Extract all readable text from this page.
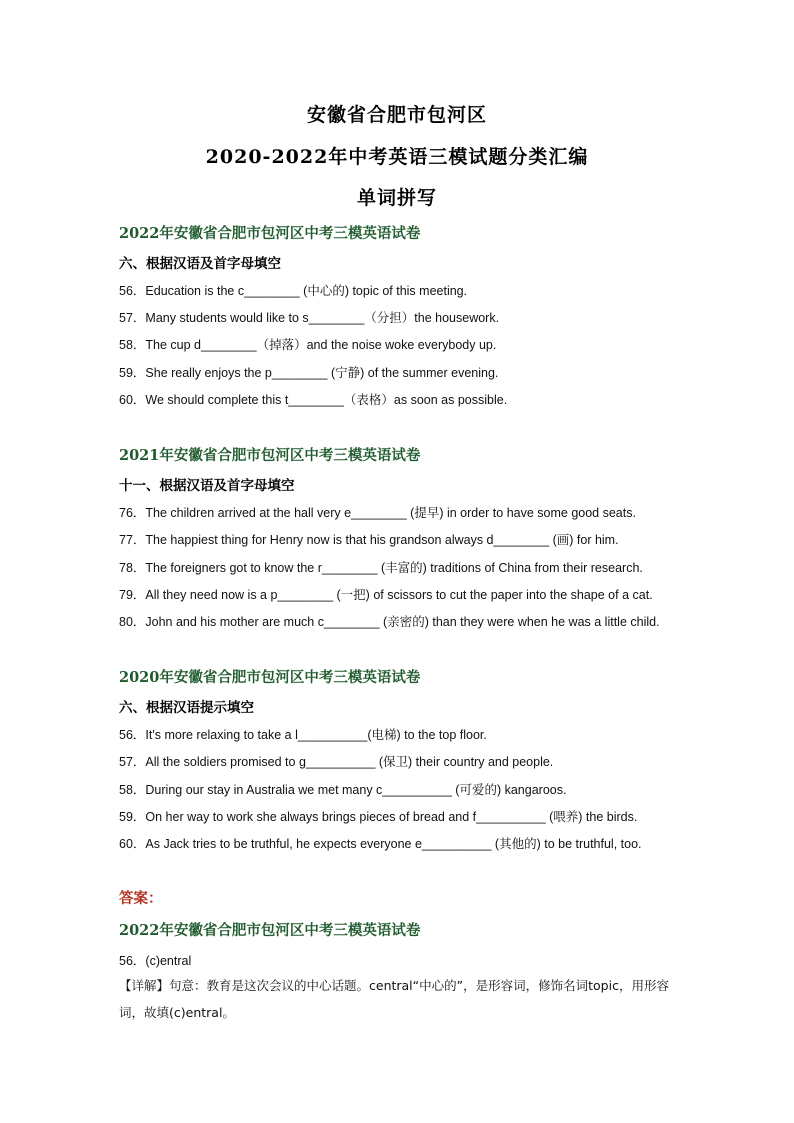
安徽省合肥市包河区
2020-2022年中考英语三模试题分类汇编
单词拼写
2022年安徽省合肥市包河区中考三模英语试卷
六、根据汉语及首字母填空
56．Education is the c________ (中心的) topic of this meeting.
57．Many students would like to s________（分担）the housework.
58．The cup d________（掉落）and the noise woke everybody up.
59．She really enjoys the p________ (宁静) of the summer evening.
60．We should complete this t________（表格）as soon as possible.
2021年安徽省合肥市包河区中考三模英语试卷
十一、根据汉语及首字母填空
76．The children arrived at the hall very e________ (提早) in order to have some good seats.
77．The happiest thing for Henry now is that his grandson always d________ (画) for him.
78．The foreigners got to know the r________ (丰富的) traditions of China from their research.
79．All they need now is a p________ (一把) of scissors to cut the paper into the shape of a cat.
80．John and his mother are much c________ (亲密的) than they were when he was a little child.
2020年安徽省合肥市包河区中考三模英语试卷
六、根据汉语提示填空
56．It's more relaxing to take a l__________(电梯) to the top floor.
57．All the soldiers promised to g__________ (保卫) their country and people.
58．During our stay in Australia we met many c__________ (可爱的) kangaroos.
59．On her way to work she always brings pieces of bread and f__________ (喂养) the birds.
60．As Jack tries to be truthful, he expects everyone e__________ (其他的) to be truthful, too.
答案：
2022年安徽省合肥市包河区中考三模英语试卷
56．(c)entral
【详解】句意：教育是这次会议的中心话题。central“中心的”，是形容词，修饰名词topic，用形容词，故填(c)entral。
